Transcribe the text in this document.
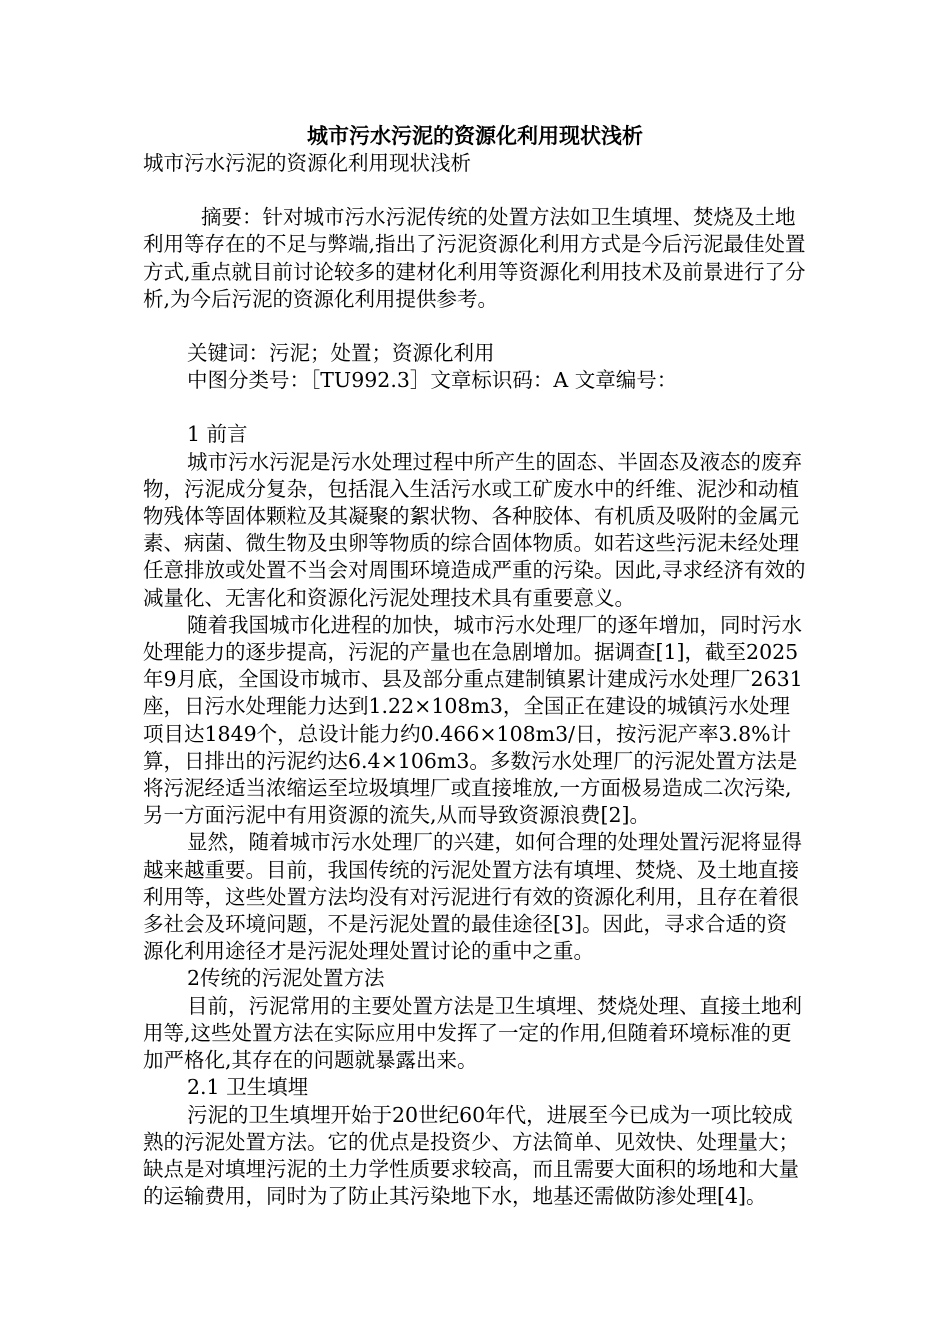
城市污水污泥的资源化利用现状浅析

城市污水污泥的资源化利用现状浅析

摘要：针对城市污水污泥传统的处置方法如卫生填埋、焚烧及土地利用等存在的不足与弊端,指出了污泥资源化利用方式是今后污泥最佳处置方式,重点就目前讨论较多的建材化利用等资源化利用技术及前景进行了分析,为今后污泥的资源化利用提供参考。

关键词：污泥；处置；资源化利用

中图分类号：［TU992.3］文章标识码：A 文章编号：

1 前言

城市污水污泥是污水处理过程中所产生的固态、半固态及液态的废弃物，污泥成分复杂，包括混入生活污水或工矿废水中的纤维、泥沙和动植物残体等固体颗粒及其凝聚的絮状物、各种胶体、有机质及吸附的金属元素、病菌、微生物及虫卵等物质的综合固体物质。如若这些污泥未经处理任意排放或处置不当会对周围环境造成严重的污染。因此,寻求经济有效的减量化、无害化和资源化污泥处理技术具有重要意义。

随着我国城市化进程的加快，城市污水处理厂的逐年增加，同时污水处理能力的逐步提高，污泥的产量也在急剧增加。据调查[1]，截至2025年9月底，全国设市城市、县及部分重点建制镇累计建成污水处理厂2631座，日污水处理能力达到1.22×108m3，全国正在建设的城镇污水处理项目达1849个，总设计能力约0.466×108m3/日，按污泥产率3.8%计算，日排出的污泥约达6.4×106m3。多数污水处理厂的污泥处置方法是将污泥经适当浓缩运至垃圾填埋厂或直接堆放,一方面极易造成二次污染,另一方面污泥中有用资源的流失,从而导致资源浪费[2]。

显然，随着城市污水处理厂的兴建，如何合理的处理处置污泥将显得越来越重要。目前，我国传统的污泥处置方法有填埋、焚烧、及土地直接利用等，这些处置方法均没有对污泥进行有效的资源化利用，且存在着很多社会及环境问题，不是污泥处置的最佳途径[3]。因此，寻求合适的资源化利用途径才是污泥处理处置讨论的重中之重。

2传统的污泥处置方法

目前，污泥常用的主要处置方法是卫生填埋、焚烧处理、直接土地利用等,这些处置方法在实际应用中发挥了一定的作用,但随着环境标准的更加严格化,其存在的问题就暴露出来。

2.1 卫生填埋

污泥的卫生填埋开始于20世纪60年代，进展至今已成为一项比较成熟的污泥处置方法。它的优点是投资少、方法简单、见效快、处理量大；缺点是对填埋污泥的土力学性质要求较高，而且需要大面积的场地和大量的运输费用，同时为了防止其污染地下水，地基还需做防渗处理[4]。
